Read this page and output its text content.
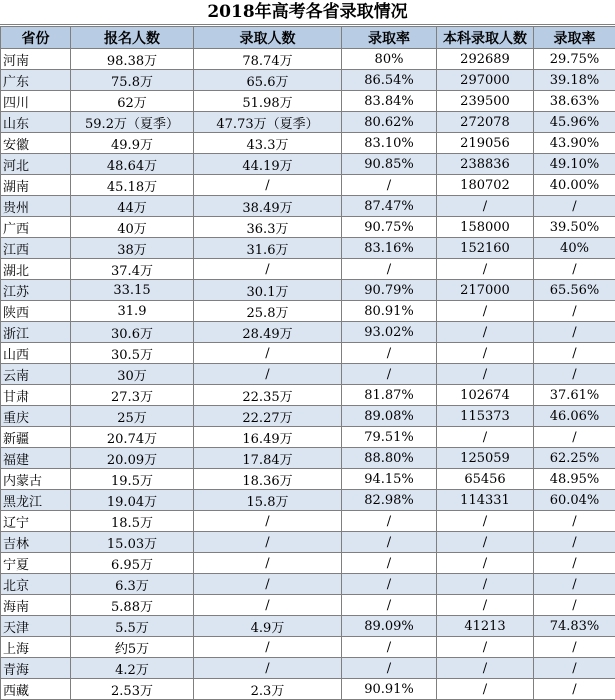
2018年高考各省录取情况
省份	报名人数	录取人数	录取率	本科录取人数	录取率
河南	98.38万	78.74万	80%	292689	29.75%
广东	75.8万	65.6万	86.54%	297000	39.18%
四川	62万	51.98万	83.84%	239500	38.63%
山东	59.2万（夏季）	47.73万（夏季）	80.62%	272078	45.96%
安徽	49.9万	43.3万	83.10%	219056	43.90%
河北	48.64万	44.19万	90.85%	238836	49.10%
湖南	45.18万	/	/	180702	40.00%
贵州	44万	38.49万	87.47%	/	/
广西	40万	36.3万	90.75%	158000	39.50%
江西	38万	31.6万	83.16%	152160	40%
湖北	37.4万	/	/	/	/
江苏	33.15	30.1万	90.79%	217000	65.56%
陕西	31.9	25.8万	80.91%	/	/
浙江	30.6万	28.49万	93.02%	/	/
山西	30.5万	/	/	/	/
云南	30万	/	/	/	/
甘肃	27.3万	22.35万	81.87%	102674	37.61%
重庆	25万	22.27万	89.08%	115373	46.06%
新疆	20.74万	16.49万	79.51%	/	/
福建	20.09万	17.84万	88.80%	125059	62.25%
内蒙古	19.5万	18.36万	94.15%	65456	48.95%
黑龙江	19.04万	15.8万	82.98%	114331	60.04%
辽宁	18.5万	/	/	/	/
吉林	15.03万	/	/	/	/
宁夏	6.95万	/	/	/	/
北京	6.3万	/	/	/	/
海南	5.88万	/	/	/	/
天津	5.5万	4.9万	89.09%	41213	74.83%
上海	约5万	/	/	/	/
青海	4.2万	/	/	/	/
西藏	2.53万	2.3万	90.91%	/	/
